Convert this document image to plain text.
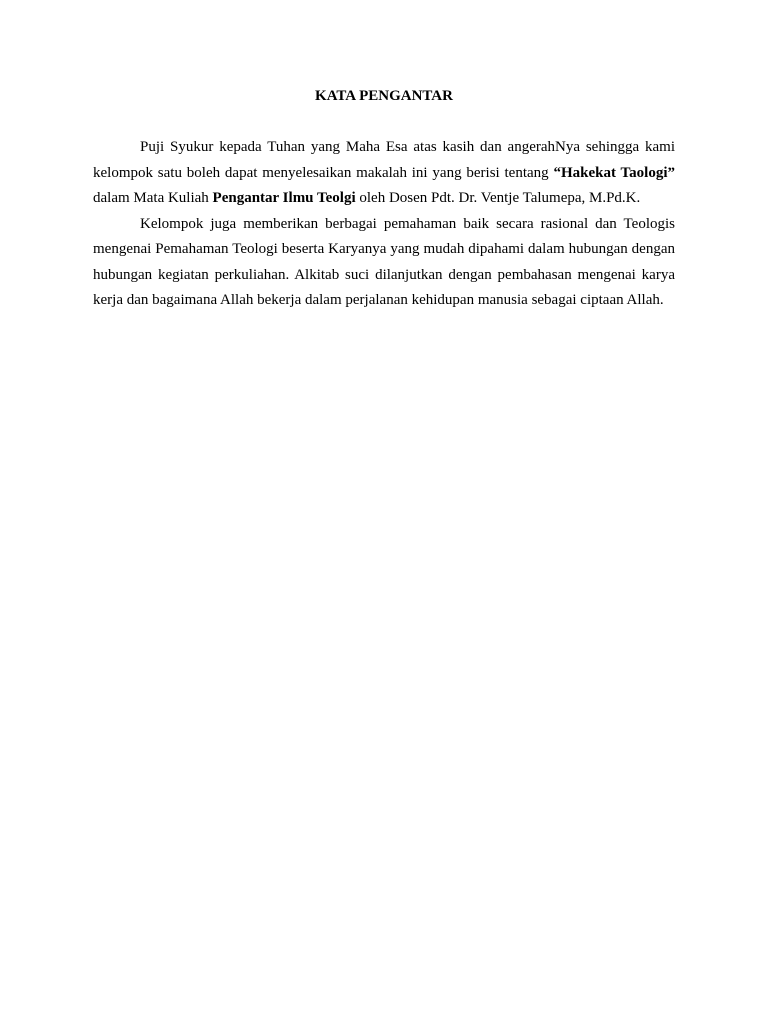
KATA PENGANTAR

Puji Syukur kepada Tuhan yang Maha Esa atas kasih dan angerahNya sehingga kami kelompok satu boleh dapat menyelesaikan makalah ini yang berisi tentang “Hakekat Taologi” dalam Mata Kuliah Pengantar Ilmu Teolgi oleh Dosen Pdt. Dr. Ventje Talumepa, M.Pd.K.

Kelompok juga memberikan berbagai pemahaman baik secara rasional dan Teologis mengenai Pemahaman Teologi beserta Karyanya yang mudah dipahami dalam hubungan dengan hubungan kegiatan perkuliahan. Alkitab suci dilanjutkan dengan pembahasan mengenai karya kerja dan bagaimana Allah bekerja dalam perjalanan kehidupan manusia sebagai ciptaan Allah.
